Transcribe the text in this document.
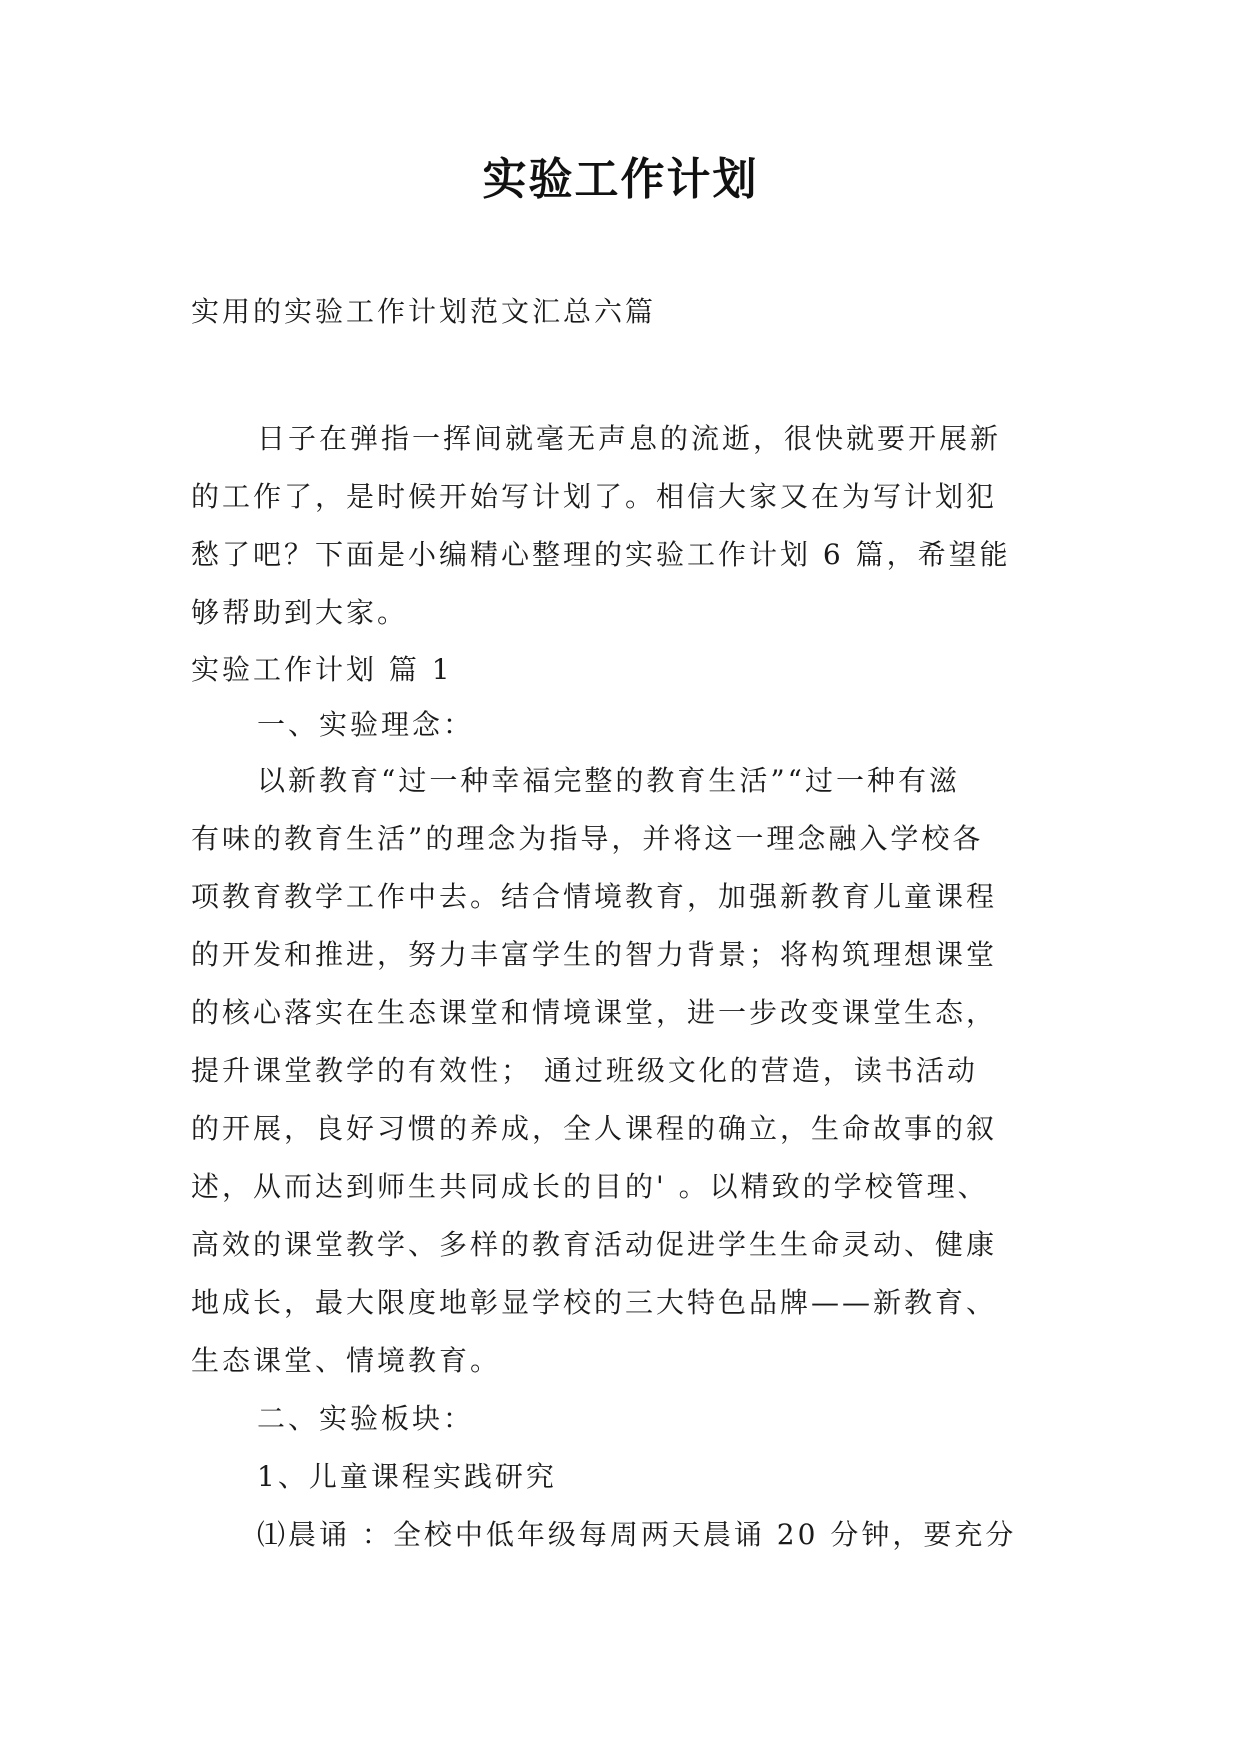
实验工作计划
实用的实验工作计划范文汇总六篇
日子在弹指一挥间就毫无声息的流逝，很快就要开展新
的工作了，是时候开始写计划了。相信大家又在为写计划犯
愁了吧？下面是小编精心整理的实验工作计划 6 篇，希望能
够帮助到大家。
实验工作计划 篇 1
一、实验理念：
以新教育“过一种幸福完整的教育生活”“过一种有滋
有味的教育生活”的理念为指导，并将这一理念融入学校各
项教育教学工作中去。结合情境教育，加强新教育儿童课程
的开发和推进，努力丰富学生的智力背景；将构筑理想课堂
的核心落实在生态课堂和情境课堂，进一步改变课堂生态，
提升课堂教学的有效性； 通过班级文化的营造，读书活动
的开展，良好习惯的养成，全人课程的确立，生命故事的叙
述，从而达到师生共同成长的目的' 。以精致的学校管理、
高效的课堂教学、多样的教育活动促进学生生命灵动、健康
地成长，最大限度地彰显学校的三大特色品牌——新教育、
生态课堂、情境教育。
二、实验板块：
1、儿童课程实践研究
⑴晨诵 ：全校中低年级每周两天晨诵 20 分钟，要充分
